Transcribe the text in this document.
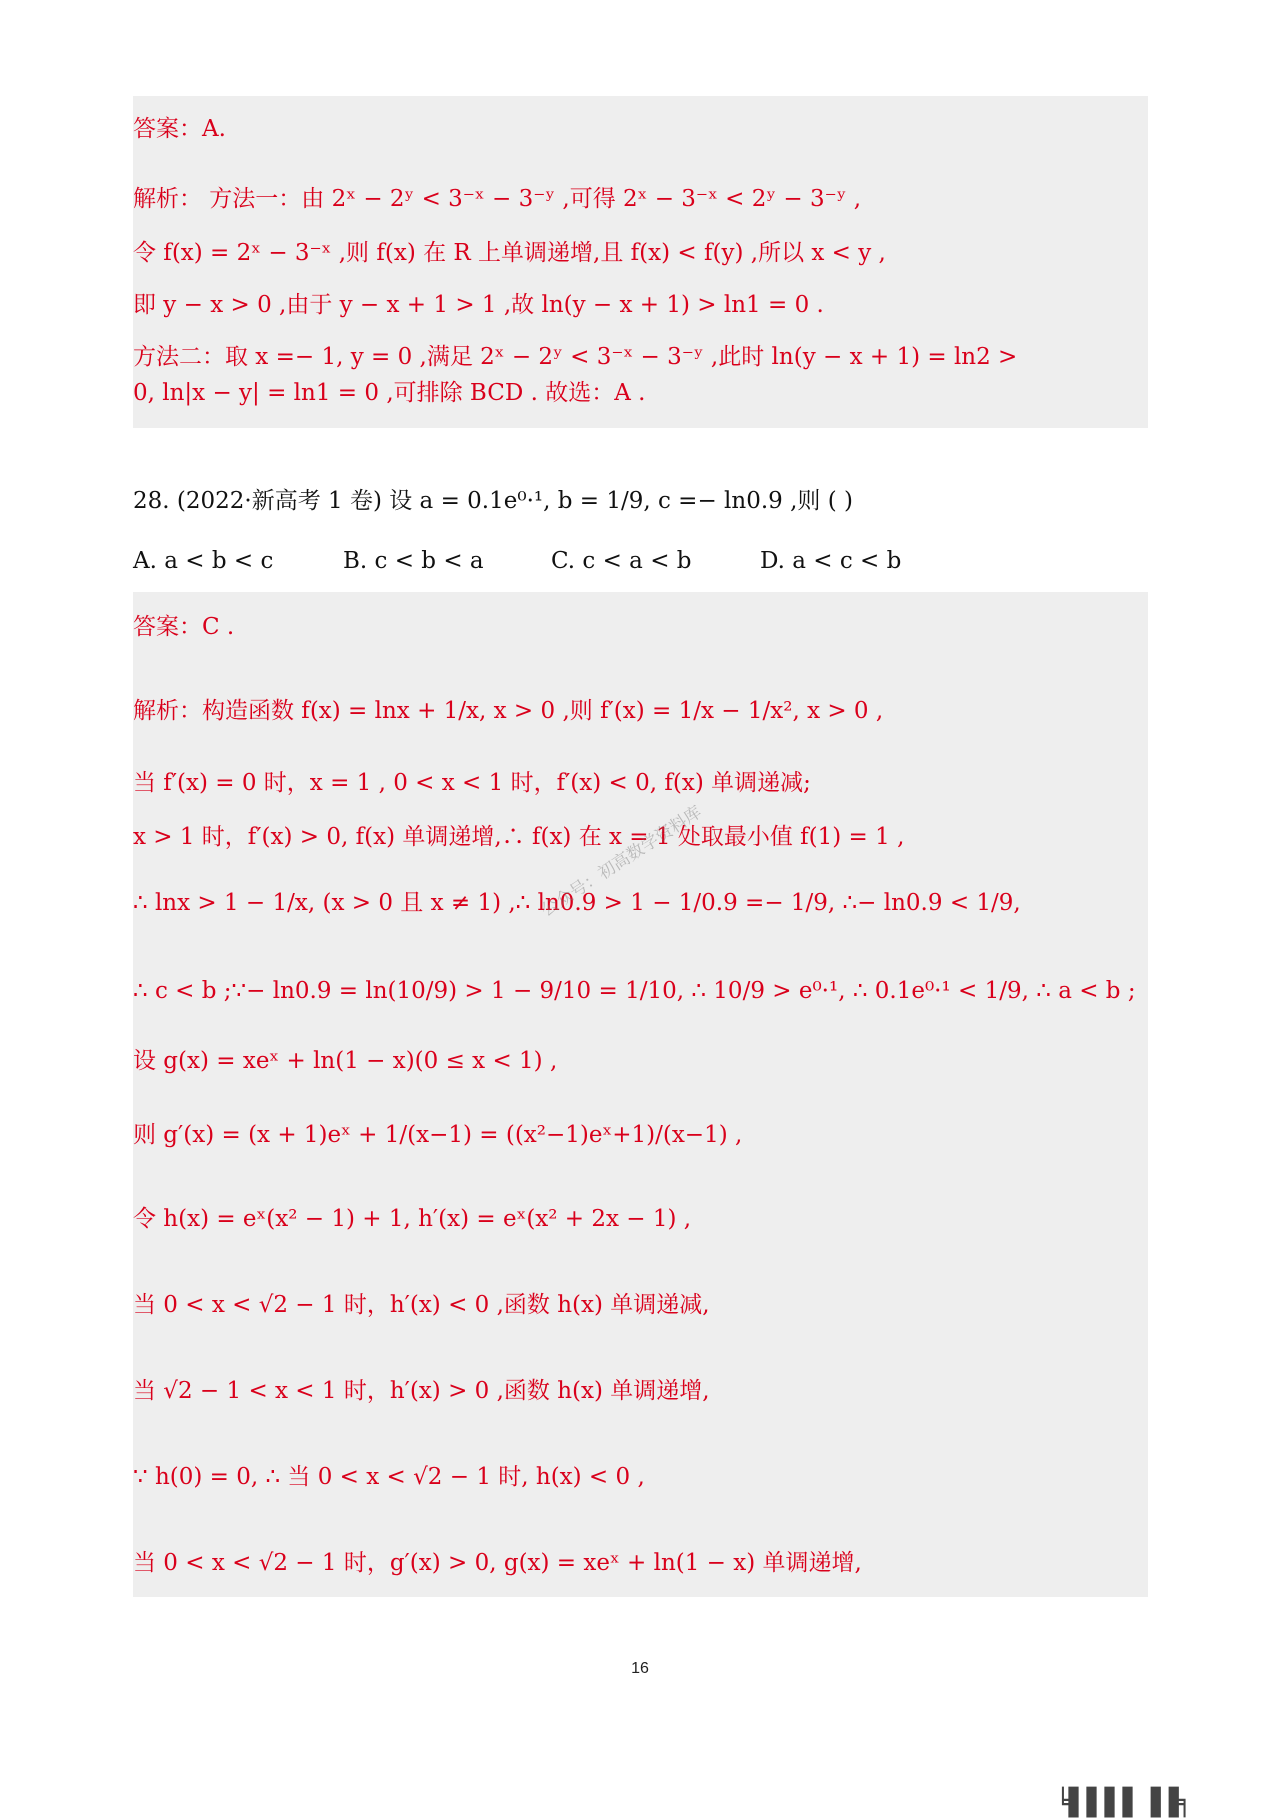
答案：A.
解析： 方法一：由 2ˣ − 2ʸ < 3⁻ˣ − 3⁻ʸ ,可得 2ˣ − 3⁻ˣ < 2ʸ − 3⁻ʸ ,
令 f(x) = 2ˣ − 3⁻ˣ ,则 f(x) 在 R 上单调递增,且 f(x) < f(y) ,所以 x < y ,
即 y − x > 0 ,由于 y − x + 1 > 1 ,故 ln(y − x + 1) > ln1 = 0 .
方法二：取 x =− 1, y = 0 ,满足 2ˣ − 2ʸ < 3⁻ˣ − 3⁻ʸ ,此时 ln(y − x + 1) = ln2 >
0, ln|x − y| = ln1 = 0 ,可排除 BCD . 故选：A .
28. (2022·新高考 1 卷) 设 a = 0.1e⁰·¹, b = 1/9, c =− ln0.9 ,则 ( )
A. a < b < c	B. c < b < a	C. c < a < b	D. a < c < b
答案：C .
解析：构造函数 f(x) = lnx + 1/x, x > 0 ,则 f′(x) = 1/x − 1/x², x > 0 ,
当 f′(x) = 0 时，x = 1 , 0 < x < 1 时，f′(x) < 0, f(x) 单调递减;
x > 1 时，f′(x) > 0, f(x) 单调递增,∴ f(x) 在 x = 1 处取最小值 f(1) = 1 ,
∴ lnx > 1 − 1/x, (x > 0 且 x ≠ 1) ,∴ ln0.9 > 1 − 1/0.9 =− 1/9, ∴− ln0.9 < 1/9,
∴ c < b ;∵− ln0.9 = ln(10/9) > 1 − 9/10 = 1/10, ∴ 10/9 > e⁰·¹, ∴ 0.1e⁰·¹ < 1/9, ∴ a < b ;
设 g(x) = xeˣ + ln(1 − x)(0 ≤ x < 1) ,
则 g′(x) = (x + 1)eˣ + 1/(x−1) = ((x²−1)eˣ+1)/(x−1) ,
令 h(x) = eˣ(x² − 1) + 1, h′(x) = eˣ(x² + 2x − 1) ,
当 0 < x < √2 − 1 时，h′(x) < 0 ,函数 h(x) 单调递减,
当 √2 − 1 < x < 1 时，h′(x) > 0 ,函数 h(x) 单调递增,
∵ h(0) = 0, ∴ 当 0 < x < √2 − 1 时, h(x) < 0 ,
当 0 < x < √2 − 1 时，g′(x) > 0, g(x) = xeˣ + ln(1 − x) 单调递增,
公众号：初高数学资料库
16
╘▌▌▌▌▐▐╕
